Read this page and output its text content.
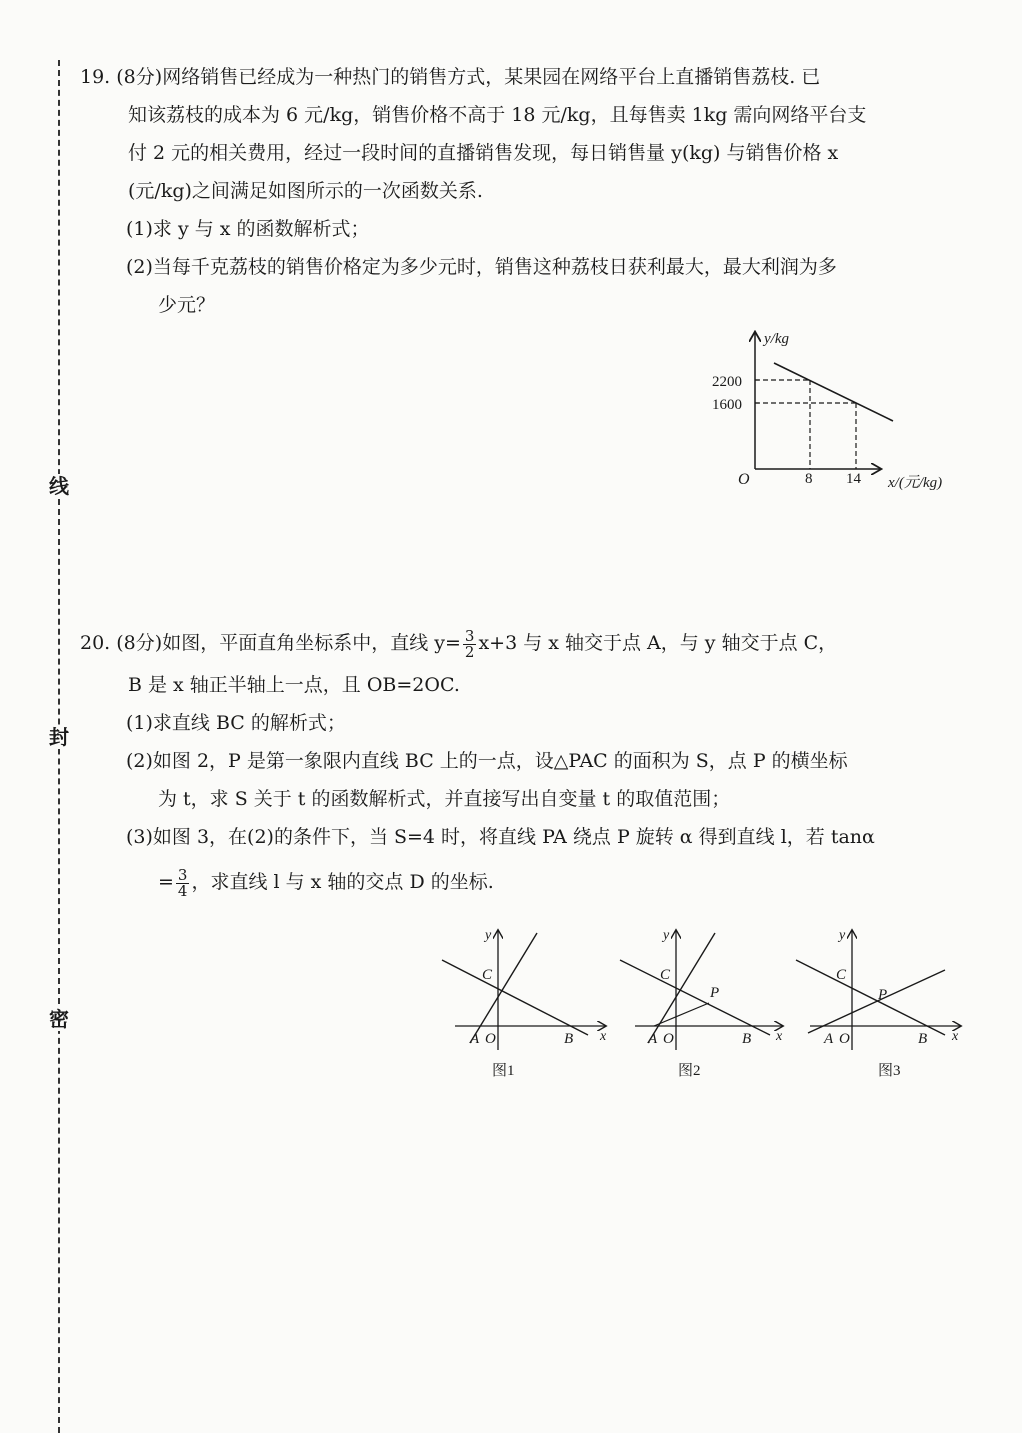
线
封
密

19. (8分)网络销售已经成为一种热门的销售方式，某果园在网络平台上直播销售荔枝. 已

知该荔枝的成本为 6 元/kg，销售价格不高于 18 元/kg，且每售卖 1kg 需向网络平台支

付 2 元的相关费用，经过一段时间的直播销售发现，每日销售量 y(kg) 与销售价格 x

(元/kg)之间满足如图所示的一次函数关系.

(1)求 y 与 x 的函数解析式；

(2)当每千克荔枝的销售价格定为多少元时，销售这种荔枝日获利最大，最大利润为多

少元？

y/kg
2200
1600
O	8 14 x/(元/kg)

20. (8分)如图，平面直角坐标系中，直线 $y= \frac{3}{2} x+3$ 与 x 轴交于点 A，与 y 轴交于点 C，

B 是 x 轴正半轴上一点，且 OB=2OC.

(1)求直线 BC 的解析式；

(2)如图 2，P 是第一象限内直线 BC 上的一点，设△PAC 的面积为 S，点 P 的横坐标

为 t，求 S 关于 t 的函数解析式，并直接写出自变量 t 的取值范围；

(3)如图 3，在(2)的条件下，当 S=4 时，将直线 PA 绕点 P 旋转 α 得到直线 l，若 tanα

= $\frac{3}{4}$ ，求直线 l 与 x 轴的交点 D 的坐标.

y
C
A O	B x
图1
y
C
P
A O	B x
图2
y
C
P
A O	B x
图3
